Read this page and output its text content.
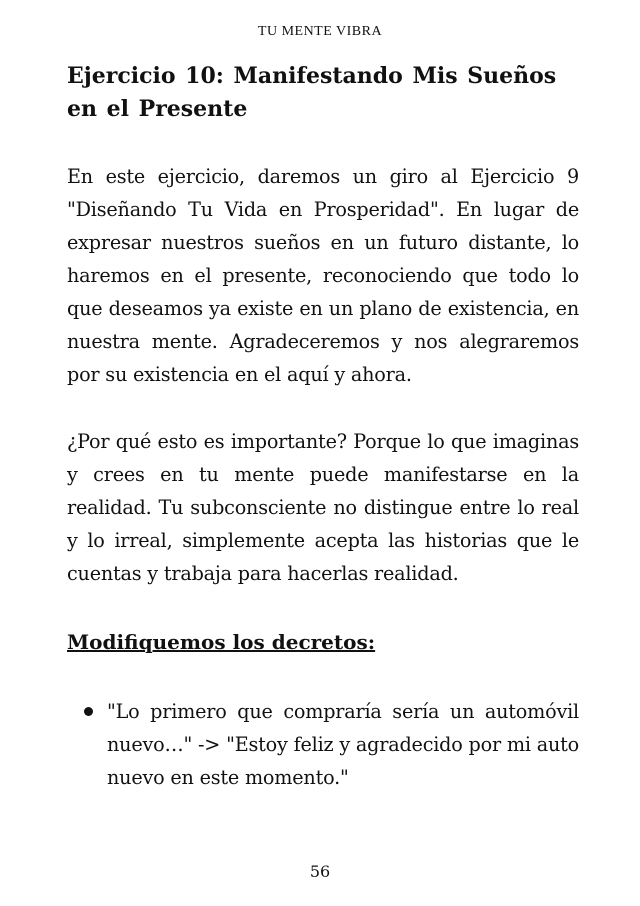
TU MENTE VIBRA
Ejercicio 10: Manifestando Mis Sueños en el Presente

En este ejercicio, daremos un giro al Ejercicio 9 "Diseñando Tu Vida en Prosperidad". En lugar de expresar nuestros sueños en un futuro distante, lo haremos en el presente, reconociendo que todo lo que deseamos ya existe en un plano de existencia, en nuestra mente. Agradeceremos y nos alegraremos por su existencia en el aquí y ahora.

¿Por qué esto es importante? Porque lo que imaginas y crees en tu mente puede manifestarse en la realidad. Tu subconsciente no distingue entre lo real y lo irreal, simplemente acepta las historias que le cuentas y trabaja para hacerlas realidad.

Modifiquemos los decretos:
"Lo primero que compraría sería un automóvil nuevo…" -> "Estoy feliz y agradecido por mi auto nuevo en este momento."
56
